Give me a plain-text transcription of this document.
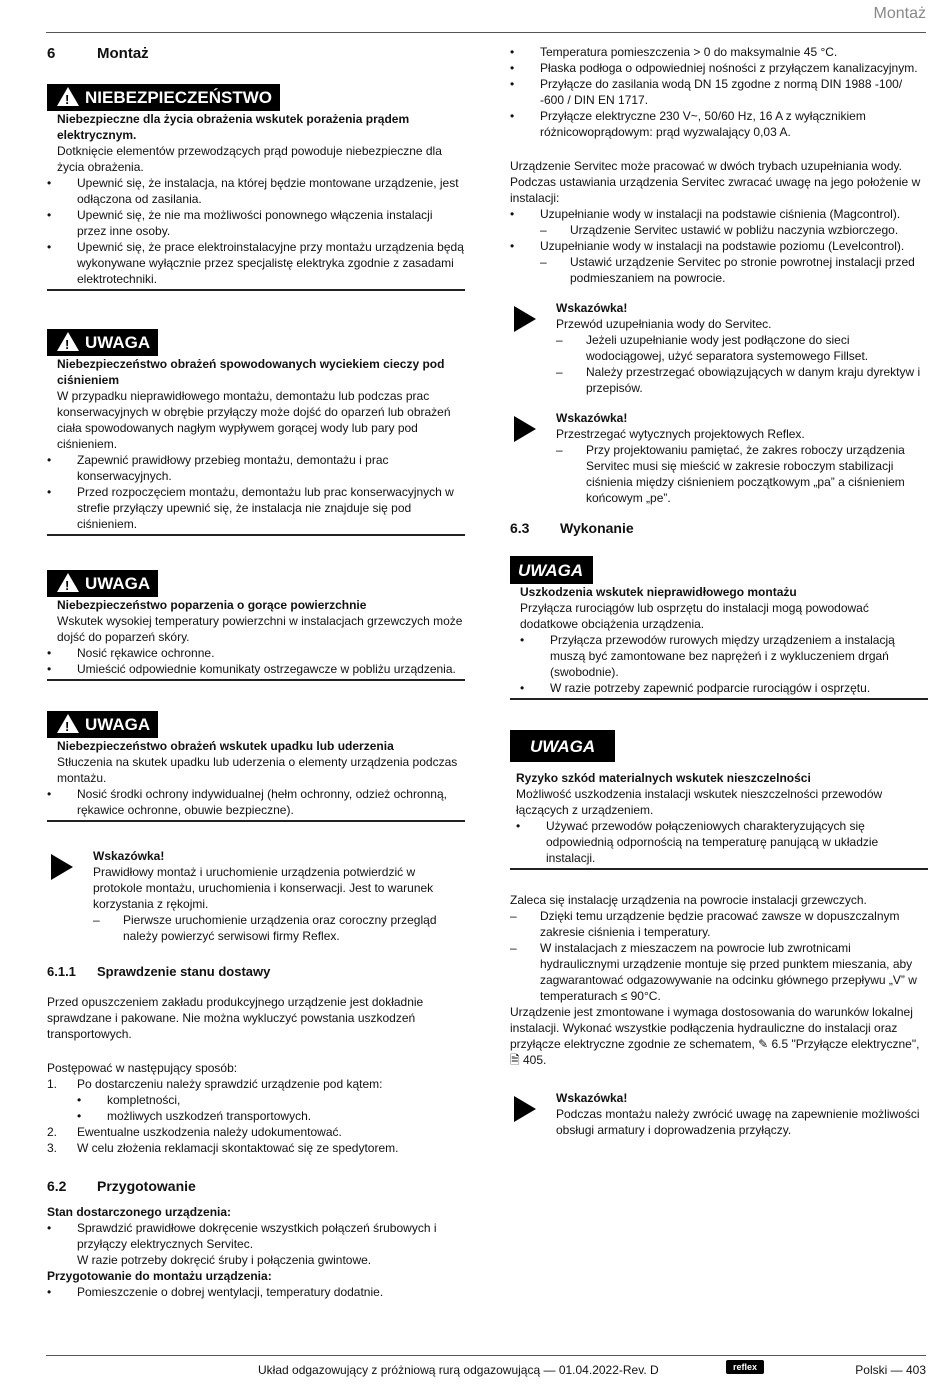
Montaż
6	Montaż
!NIEBEZPIECZEŃSTWO

Niebezpieczne dla życia obrażenia wskutek porażenia prądem elektrycznym.

Dotknięcie elementów przewodzących prąd powoduje niebezpieczne dla życia obrażenia.

• Upewnić się, że instalacja, na której będzie montowane urządzenie, jest odłączona od zasilania.
• Upewnić się, że nie ma możliwości ponownego włączenia instalacji przez inne osoby.
• Upewnić się, że prace elektroinstalacyjne przy montażu urządzenia będą wykonywane wyłącznie przez specjalistę elektryka zgodnie z zasadami elektrotechniki.
!UWAGA

Niebezpieczeństwo obrażeń spowodowanych wyciekiem cieczy pod ciśnieniem

W przypadku nieprawidłowego montażu, demontażu lub podczas prac konserwacyjnych w obrębie przyłączy może dojść do oparzeń lub obrażeń ciała spowodowanych nagłym wypływem gorącej wody lub pary pod ciśnieniem.

• Zapewnić prawidłowy przebieg montażu, demontażu i prac konserwacyjnych.
• Przed rozpoczęciem montażu, demontażu lub prac konserwacyjnych w strefie przyłączy upewnić się, że instalacja nie znajduje się pod ciśnieniem.
!UWAGA

Niebezpieczeństwo poparzenia o gorące powierzchnie

Wskutek wysokiej temperatury powierzchni w instalacjach grzewczych może dojść do poparzeń skóry.

• Nosić rękawice ochronne.
• Umieścić odpowiednie komunikaty ostrzegawcze w pobliżu urządzenia.
!UWAGA

Niebezpieczeństwo obrażeń wskutek upadku lub uderzenia

Stłuczenia na skutek upadku lub uderzenia o elementy urządzenia podczas montażu.

• Nosić środki ochrony indywidualnej (hełm ochronny, odzież ochronną, rękawice ochronne, obuwie bezpieczne).

Wskazówka!

Prawidłowy montaż i uruchomienie urządzenia potwierdzić w protokole montażu, uruchomienia i konserwacji. Jest to warunek korzystania z rękojmi.

– Pierwsze uruchomienie urządzenia oraz coroczny przegląd należy powierzyć serwisowi firmy Reflex.
6.1.1 Sprawdzenie stanu dostawy

Przed opuszczeniem zakładu produkcyjnego urządzenie jest dokładnie sprawdzane i pakowane. Nie można wykluczyć powstania uszkodzeń transportowych.

Postępować w następujący sposób:

1. Po dostarczeniu należy sprawdzić urządzenie pod kątem:
• kompletności,
• możliwych uszkodzeń transportowych.
2. Ewentualne uszkodzenia należy udokumentować.
3. W celu złożenia reklamacji skontaktować się ze spedytorem.
6.2 Przygotowanie

Stan dostarczonego urządzenia:

• Sprawdzić prawidłowe dokręcenie wszystkich połączeń śrubowych i przyłączy elektrycznych Servitec.

W razie potrzeby dokręcić śruby i połączenia gwintowe.

Przygotowanie do montażu urządzenia:

• Pomieszczenie o dobrej wentylacji, temperatury dodatnie.
• Temperatura pomieszczenia > 0 do maksymalnie 45 °C.
• Płaska podłoga o odpowiedniej nośności z przyłączem kanalizacyjnym.
• Przyłącze do zasilania wodą DN 15 zgodne z normą DIN 1988 -100/ -600 / DIN EN 1717.
• Przyłącze elektryczne 230 V~, 50/60 Hz, 16 A z wyłącznikiem różnicowoprądowym: prąd wyzwalający 0,03 A.

Urządzenie Servitec może pracować w dwóch trybach uzupełniania wody. Podczas ustawiania urządzenia Servitec zwracać uwagę na jego położenie w instalacji:

• Uzupełnianie wody w instalacji na podstawie ciśnienia (Magcontrol).
– Urządzenie Servitec ustawić w pobliżu naczynia wzbiorczego.
• Uzupełnianie wody w instalacji na podstawie poziomu (Levelcontrol).
– Ustawić urządzenie Servitec po stronie powrotnej instalacji przed podmieszaniem na powrocie.

Wskazówka!

Przewód uzupełniania wody do Servitec.

– Jeżeli uzupełnianie wody jest podłączone do sieci wodociągowej, użyć separatora systemowego Fillset.
– Należy przestrzegać obowiązujących w danym kraju dyrektyw i przepisów.

Wskazówka!

Przestrzegać wytycznych projektowych Reflex.

– Przy projektowaniu pamiętać, że zakres roboczy urządzenia Servitec musi się mieścić w zakresie roboczym stabilizacji ciśnienia między ciśnieniem początkowym „pa” a ciśnieniem końcowym „pe”.
6.3 Wykonanie
UWAGA

Uszkodzenia wskutek nieprawidłowego montażu

Przyłącza rurociągów lub osprzętu do instalacji mogą powodować dodatkowe obciążenia urządzenia.

• Przyłącza przewodów rurowych między urządzeniem a instalacją muszą być zamontowane bez naprężeń i z wykluczeniem drgań (swobodnie).
• W razie potrzeby zapewnić podparcie rurociągów i osprzętu.
UWAGA

Ryzyko szkód materialnych wskutek nieszczelności

Możliwość uszkodzenia instalacji wskutek nieszczelności przewodów łączących z urządzeniem.

• Używać przewodów połączeniowych charakteryzujących się odpowiednią odpornością na temperaturę panującą w układzie instalacji.

Zaleca się instalację urządzenia na powrocie instalacji grzewczych.

– Dzięki temu urządzenie będzie pracować zawsze w dopuszczalnym zakresie ciśnienia i temperatury.
– W instalacjach z mieszaczem na powrocie lub zwrotnicami hydraulicznymi urządzenie montuje się przed punktem mieszania, aby zagwarantować odgazowywanie na odcinku głównego przepływu „V” w temperaturach ≤ 90°C.

Urządzenie jest zmontowane i wymaga dostosowania do warunków lokalnej instalacji. Wykonać wszystkie podłączenia hydrauliczne do instalacji oraz przyłącze elektryczne zgodnie ze schematem, ✎ 6.5 "Przyłącze elektryczne", 🗎 405.

Wskazówka!

Podczas montażu należy zwrócić uwagę na zapewnienie możliwości obsługi armatury i doprowadzenia przyłączy.

Układ odgazowujący z próżniową rurą odgazowującą — 01.04.2022-Rev. D	reflex	Polski — 403
